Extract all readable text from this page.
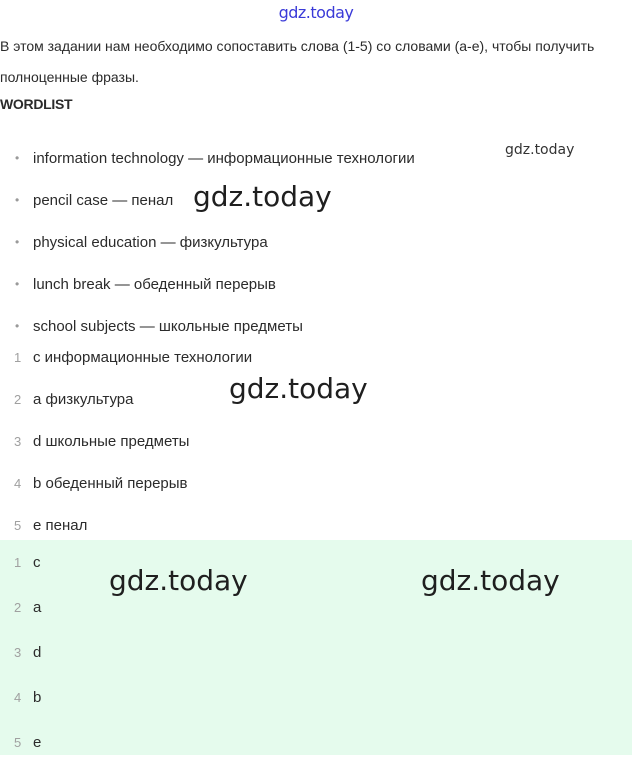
gdz.today
В этом задании нам необходимо сопоставить слова (1-5) со словами (a-e), чтобы получить полноценные фразы.
WORDLIST
• information technology — информационные технологии
• pencil case — пенал
• physical education — физкультура
• lunch break — обеденный перерыв
• school subjects — школьные предметы
1 c информационные технологии
2 a физкультура
3 d школьные предметы
4 b обеденный перерыв
5 e пенал
1 c
2 a
3 d
4 b
5 e
gdz.today
gdz.today
gdz.today
gdz.today	gdz.today
